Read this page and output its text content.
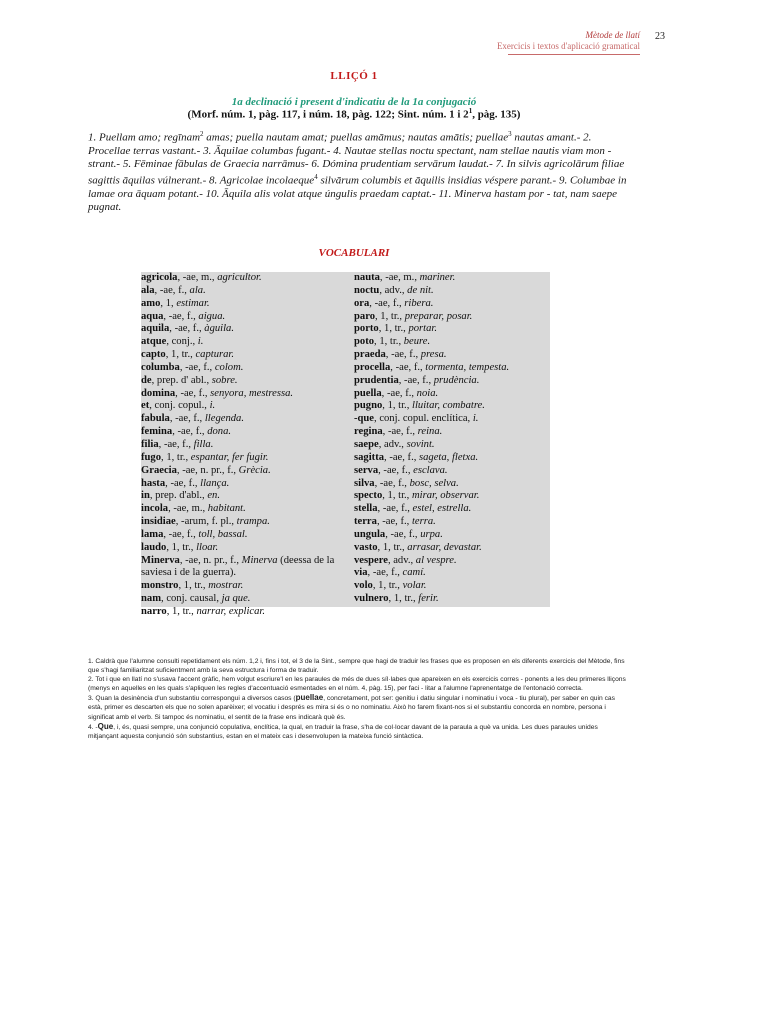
Mètode de llatí
Exercicis i textos d'aplicació gramatical
23
LLIÇÓ 1
1a declinació i present d'indicatiu de la 1a conjugació
(Morf. núm. 1, pàg. 117, i núm. 18, pàg. 122; Sint. núm. 1 i $2^1$, pàg. 135)
1. Puellam amo; regīnam$^2$ amas; puella nautam amat; puellas amāmus; nautas amātis; puellae$^3$ nautas amant.- 2. Procellae terras vastant.- 3. Āquilae columbas fugant.- 4. Nautae stellas noctu spectant, nam stellae nautis viam mon - strant.- 5. Fēminae fābulas de Graecia narrāmus- 6. Dómina prudentiam servārum laudat.- 7. In silvis agricolārum filiae sagittis āquilas vúlnerant.- 8. Agricolae incolaeque$^4$ silvārum columbis et āquilis insidias véspere parant.- 9. Columbae in lamae ora āquam potant.- 10. Āquila alis volat atque úngulis praedam captat.- 11. Minerva hastam por - tat, nam saepe pugnat.
VOCABULARI
agricola, -ae, m., agricultor.
ala, -ae, f., ala.
amo, 1, estimar.
aqua, -ae, f., aigua.
aquila, -ae, f., àguila.
atque, conj., i.
capto, 1, tr., capturar.
columba, -ae, f., colom.
de, prep. d' abl., sobre.
domina, -ae, f., senyora, mestressa.
et, conj. copul., i.
fabula, -ae, f., llegenda.
femina, -ae, f., dona.
filia, -ae, f., filla.
fugo, 1, tr., espantar, fer fugir.
Graecia, -ae, n. pr., f., Grècia.
hasta, -ae, f., llança.
in, prep. d'abl., en.
incola, -ae, m., habitant.
insidiae, -arum, f. pl., trampa.
lama, -ae, f., toll, bassal.
laudo, 1, tr., lloar.
Minerva, -ae, n. pr., f., Minerva (deessa de la saviesa i de la guerra).
monstro, 1, tr., mostrar.
nam, conj. causal, ja que.
narro, 1, tr., narrar, explicar.
nauta, -ae, m., mariner.
noctu, adv., de nit.
ora, -ae, f., ribera.
paro, 1, tr., preparar, posar.
porto, 1, tr., portar.
poto, 1, tr., beure.
praeda, -ae, f., presa.
procella, -ae, f., tormenta, tempesta.
prudentia, -ae, f., prudència.
puella, -ae, f., noia.
pugno, 1, tr., lluitar, combatre.
-que, conj. copul. enclítica, i.
regina, -ae, f., reina.
saepe, adv., sovint.
sagitta, -ae, f., sageta, fletxa.
serva, -ae, f., esclava.
silva, -ae, f., bosc, selva.
specto, 1, tr., mirar, observar.
stella, -ae, f., estel, estrella.
terra, -ae, f., terra.
ungula, -ae, f., urpa.
vasto, 1, tr., arrasar, devastar.
vespere, adv., al vespre.
via, -ae, f., camí.
volo, 1, tr., volar.
vulnero, 1, tr., ferir.

1. Caldrà que l'alumne consulti repetidament els núm. 1,2 i, fins i tot, el 3 de la Sint., sempre que hagi de traduir les frases que es proposen en els diferents exercicis del Mètode, fins que s'hagi familiaritzat suficientment amb la seva estructura i forma de traduir.

2. Tot i que en llatí no s'usava l'accent gràfic, hem volgut escriure'l en les paraules de més de dues síl·labes que apareixen en els exercicis corres - ponents a les deu primeres lliçons (menys en aquelles en les quals s'apliquen les regles d'accentuació esmentades en el núm. 4, pàg. 15), per faci - litar a l'alumne l'aprenentatge de l'entonació correcta.

3. Quan la desinència d'un substantiu correspongui a diversos casos (puellae, concretament, pot ser: genitiu i datiu singular i nominatiu i voca - tiu plural), per saber en quin cas està, primer es descarten els que no solen aparèixer; el vocatiu i després es mira si és o no nominatiu. Això ho farem fixant-nos si el substantiu concorda en nombre, persona i significat amb el verb. Si tampoc és nominatiu, el sentit de la frase ens indicarà què és.

4. -Que, i, és, quasi sempre, una conjunció copulativa, enclítica, la qual, en traduir la frase, s'ha de col·locar davant de la paraula a què va unida. Les dues paraules unides mitjançant aquesta conjunció són substantius, estan en el mateix cas i desenvolupen la mateixa funció sintàctica.
